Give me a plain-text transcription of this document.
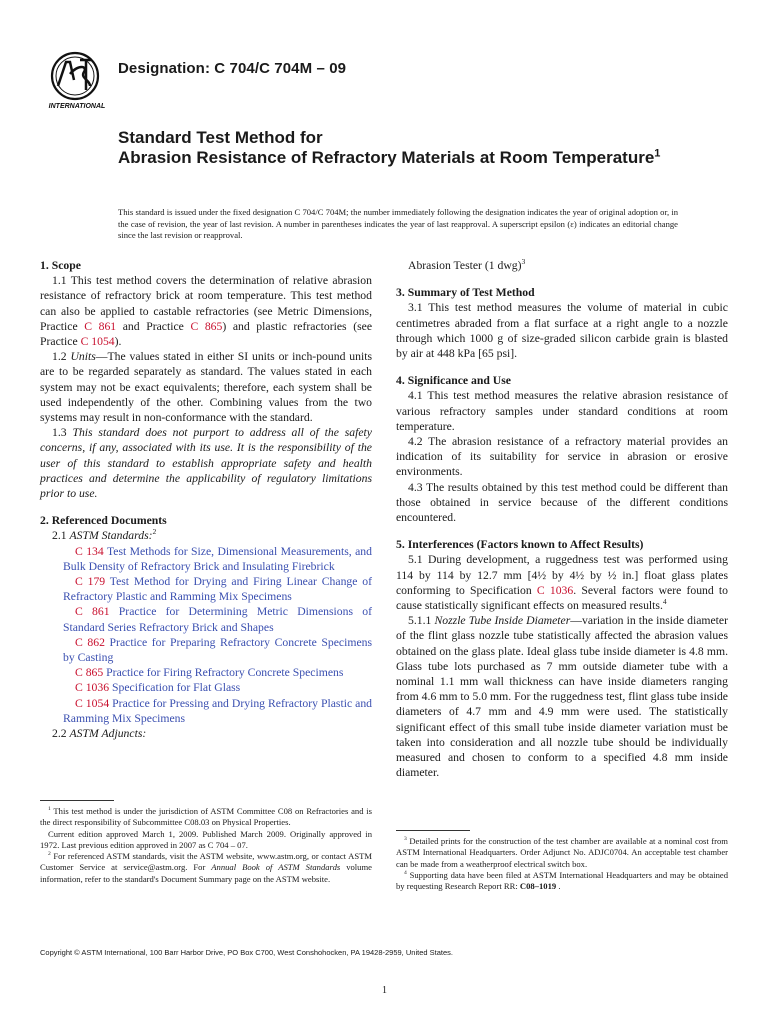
INTERNATIONAL
Designation: C 704/C 704M – 09
Standard Test Method for
Abrasion Resistance of Refractory Materials at Room Temperature$^1$
This standard is issued under the fixed designation C 704/C 704M; the number immediately following the designation indicates the year of original adoption or, in the case of revision, the year of last revision. A number in parentheses indicates the year of last reapproval. A superscript epsilon (ε) indicates an editorial change since the last revision or reapproval.
1. Scope

1.1 This test method covers the determination of relative abrasion resistance of refractory brick at room temperature. This test method can also be applied to castable refractories (see Metric Dimensions, Practice C 861 and Practice C 865) and plastic refractories (see Practice C 1054).

1.2 Units—The values stated in either SI units or inch-pound units are to be regarded separately as standard. The values stated in each system may not be exact equivalents; therefore, each system shall be used independently of the other. Combining values from the two systems may result in non-conformance with the standard.

1.3 This standard does not purport to address all of the safety concerns, if any, associated with its use. It is the responsibility of the user of this standard to establish appropriate safety and health practices and determine the applicability of regulatory limitations prior to use.

2. Referenced Documents

2.1 ASTM Standards:$^2$

C 134 Test Methods for Size, Dimensional Measurements, and Bulk Density of Refractory Brick and Insulating Firebrick

C 179 Test Method for Drying and Firing Linear Change of Refractory Plastic and Ramming Mix Specimens

C 861 Practice for Determining Metric Dimensions of Standard Series Refractory Brick and Shapes

C 862 Practice for Preparing Refractory Concrete Specimens by Casting

C 865 Practice for Firing Refractory Concrete Specimens

C 1036 Specification for Flat Glass

C 1054 Practice for Pressing and Drying Refractory Plastic and Ramming Mix Specimens

2.2 ASTM Adjuncts:

$^1$ This test method is under the jurisdiction of ASTM Committee C08 on Refractories and is the direct responsibility of Subcommittee C08.03 on Physical Properties.

Current edition approved March 1, 2009. Published March 2009. Originally approved in 1972. Last previous edition approved in 2007 as C 704 – 07.

$^2$ For referenced ASTM standards, visit the ASTM website, www.astm.org, or contact ASTM Customer Service at service@astm.org. For Annual Book of ASTM Standards volume information, refer to the standard's Document Summary page on the ASTM website.

Abrasion Tester (1 dwg)$^3$

3. Summary of Test Method

3.1 This test method measures the volume of material in cubic centimetres abraded from a flat surface at a right angle to a nozzle through which 1000 g of size-graded silicon carbide grain is blasted by air at 448 kPa [65 psi].

4. Significance and Use

4.1 This test method measures the relative abrasion resistance of various refractory samples under standard conditions at room temperature.

4.2 The abrasion resistance of a refractory material provides an indication of its suitability for service in abrasion or erosive environments.

4.3 The results obtained by this test method could be different than those obtained in service because of the different conditions encountered.

5. Interferences (Factors known to Affect Results)

5.1 During development, a ruggedness test was performed using 114 by 114 by 12.7 mm [4½ by 4½ by ½ in.] float glass plates conforming to Specification C 1036. Several factors were found to cause statistically significant effects on measured results.$^4$

5.1.1 Nozzle Tube Inside Diameter—variation in the inside diameter of the flint glass nozzle tube statistically affected the abrasion values obtained on the glass plate. Ideal glass tube inside diameter is 4.8 mm. Glass tube lots purchased as 7 mm outside diameter tube with a nominal 1.1 mm wall thickness can have inside diameters ranging from 4.6 mm to 5.0 mm. For the ruggedness test, flint glass tube inside diameters of 4.7 mm and 4.9 mm were used. The statistically significant effect of this small tube inside diameter variation must be taken into consideration and all nozzle tube should be individually measured and chosen to conform to a specified 4.8 mm inside diameter.

$^3$ Detailed prints for the construction of the test chamber are available at a nominal cost from ASTM International Headquarters. Order Adjunct No. ADJC0704. An acceptable test chamber can be made from a weatherproof electrical switch box.

$^4$ Supporting data have been filed at ASTM International Headquarters and may be obtained by requesting Research Report RR: C08–1019 .

Copyright © ASTM International, 100 Barr Harbor Drive, PO Box C700, West Conshohocken, PA 19428-2959, United States.
1
